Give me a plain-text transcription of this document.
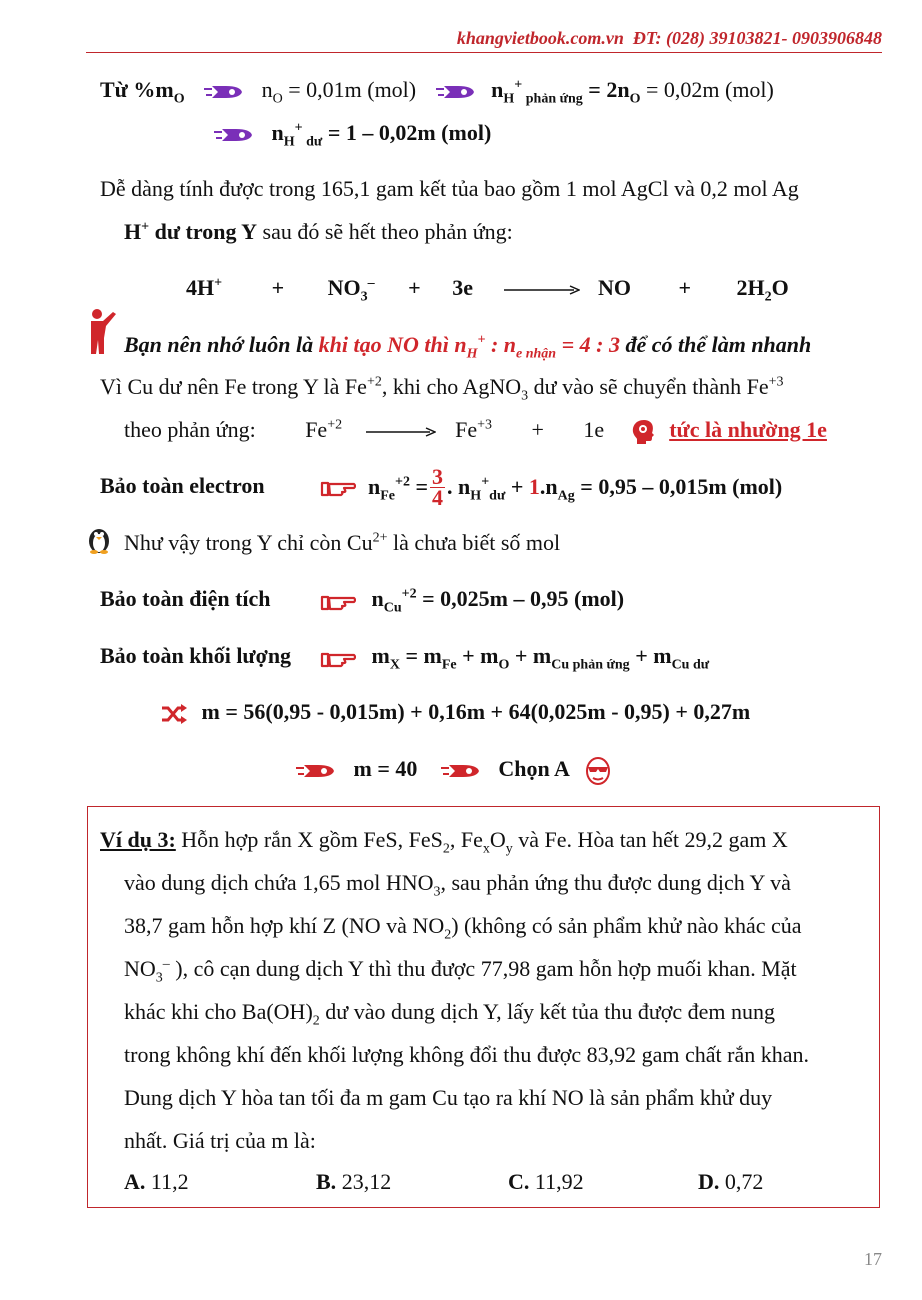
khangvietbook.com.vn ĐT: (028) 39103821- 0903906848
Từ $\%m_O$	$n_O = 0,01m$ (mol)	$n_H^+$ $_{phản ứng} = 2n_O = 0,02m$ (mol)
$n_H^+$ $_{dư}$ = 1 – 0,02m (mol)
Dễ dàng tính được trong 165,1 gam kết tủa bao gồm 1 mol AgCl và 0,2 mol Ag
H+ dư trong Y sau đó sẽ hết theo phản ứng:
$4H^+ + NO_3^- + 3e$ → NO + $2H_2O$
Bạn nên nhớ luôn là khi tạo NO thì $n_H^+$ : $n_{e nhận} = 4$ : 3 để có thể làm nhanh
Vì Cu dư nên Fe trong Y là $Fe^{+2}$, khi cho AgNO$_3$ dư vào sẽ chuyển thành $Fe^{+3}$
theo phản ứng: $Fe^{+2} \to Fe^{+3} + 1e$	tức là nhường 1e
Bảo toàn electron	$n_{Fe}^{+2} = \frac{3}{4}$ . $n_H^+_{dư} + 1.n_{Ag} = 0,95 - 0,015m$ (mol)
Như vậy trong Y chỉ còn $Cu^{2+}$ là chưa biết số mol
Bảo toàn điện tích	$n_{Cu}^{+2} = 0,025m - 0,95$ (mol)
Bảo toàn khối lượng	$m_X = m_{Fe} + m_O + m_{Cu phản ứng} + m_{Cu dư}$
m = 56(0,95 - 0,015m) + 0,16m + 64(0,025m - 0,95) + 0,27m
m = 40	Chọn A
Ví dụ 3: Hỗn hợp rắn X gồm FeS, FeS$_2$, $Fe_xO_y$ và Fe. Hòa tan hết 29,2 gam X
vào dung dịch chứa 1,65 mol $HNO_3$, sau phản ứng thu được dung dịch Y và
38,7 gam hỗn hợp khí Z (NO và $NO_2$) (không có sản phẩm khử nào khác của
$NO_3^-$ ), cô cạn dung dịch Y thì thu được 77,98 gam hỗn hợp muối khan. Mặt
khác khi cho $Ba(OH)_2$ dư vào dung dịch Y, lấy kết tủa thu được đem nung
trong không khí đến khối lượng không đổi thu được 83,92 gam chất rắn khan.
Dung dịch Y hòa tan tối đa m gam Cu tạo ra khí NO là sản phẩm khử duy
nhất. Giá trị của m là:
A. 11,2	B. 23,12	C. 11,92	D. 0,72
17
